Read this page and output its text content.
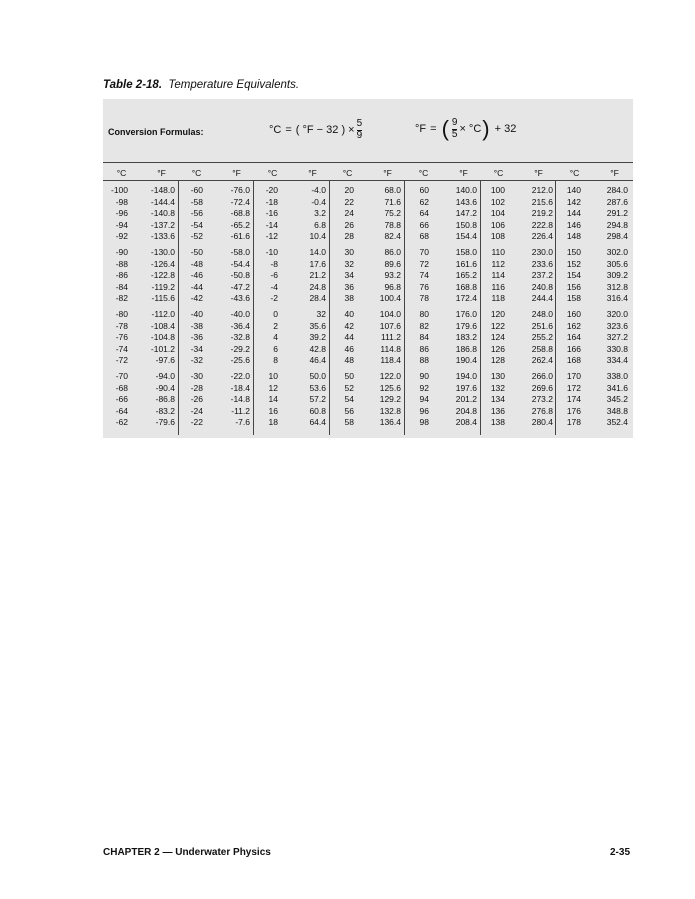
Table 2-18. Temperature Equivalents.
Conversion Formulas:	°C = ( °F − 32 ) × $\frac{5}{9}$	°F = ( $\frac{9}{5} \times ^\circ C$ ) + 32
°C	°F	°C	°F	°C	°F	°C	°F	°C	°F	°C	°F	°C	°F
-100	-148.0 -60	-76.0 -20	-4.0 20	68.0 60	140.0 100	212.0 140	284.0
-98	-144.4 -58	-72.4 -18	-0.4 22	71.6 62	143.6 102	215.6 142	287.6
-96	-140.8 -56	-68.8 -16	3.2 24	75.2 64	147.2 104	219.2 144	291.2
-94	-137.2 -54	-65.2 -14	6.8 26	78.8 66	150.8 106	222.8 146	294.8
-92	-133.6 -52	-61.6 -12	10.4 28	82.4 68	154.4 108	226.4 148	298.4
-90	-130.0 -50	-58.0 -10	14.0 30	86.0 70	158.0 110	230.0 150	302.0
-88	-126.4 -48	-54.4 -8	17.6 32	89.6 72	161.6 112	233.6 152	305.6
-86	-122.8 -46	-50.8 -6	21.2 34	93.2 74	165.2 114	237.2 154	309.2
-84	-119.2 -44	-47.2 -4	24.8 36	96.8 76	168.8 116	240.8 156	312.8
-82	-115.6 -42	-43.6 -2	28.4 38	100.4 78	172.4 118	244.4 158	316.4
-80	-112.0 -40	-40.0	0	32 40	104.0 80	176.0 120	248.0 160	320.0
-78	-108.4 -38	-36.4	2	35.6 42	107.6 82	179.6 122	251.6 162	323.6
-76	-104.8 -36	-32.8	4	39.2 44	111.2 84	183.2 124	255.2 164	327.2
-74	-101.2 -34	-29.2	6	42.8 46	114.8 86	186.8 126	258.8 166	330.8
-72	-97.6 -32	-25.6	8	46.4 48	118.4 88	190.4 128	262.4 168	334.4
-70	-94.0 -30	-22.0 10	50.0 50	122.0 90	194.0 130	266.0 170	338.0
-68	-90.4 -28	-18.4 12	53.6 52	125.6 92	197.6 132	269.6 172	341.6
-66	-86.8 -26	-14.8 14	57.2 54	129.2 94	201.2 134	273.2 174	345.2
-64	-83.2 -24	-11.2 16	60.8 56	132.8 96	204.8 136	276.8 176	348.8
-62	-79.6 -22	-7.6 18	64.4 58	136.4 98	208.4 138	280.4 178	352.4
CHAPTER 2 — Underwater Physics	2-35
